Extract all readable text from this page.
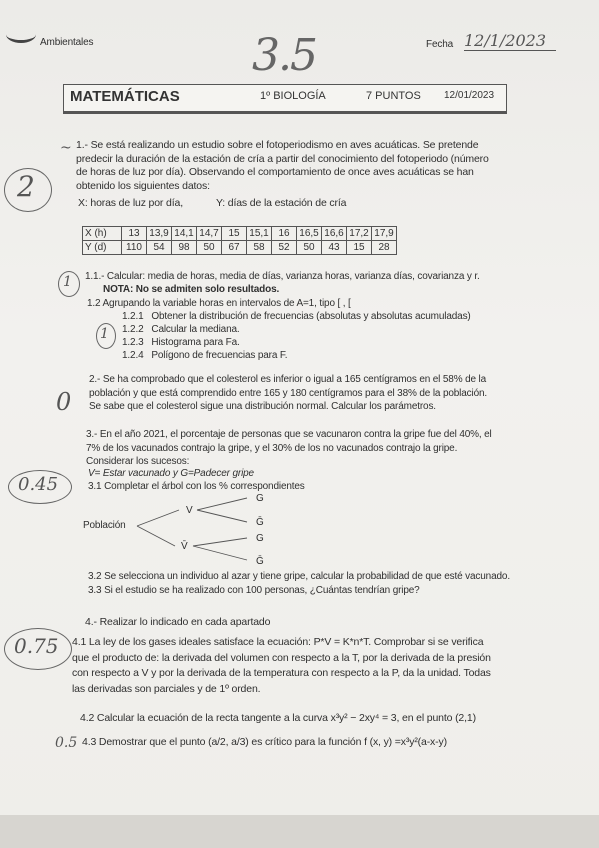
Ambientales	Fecha 12/1/2023
3.5
MATEMÁTICAS	1º BIOLOGÍA	7 PUNTOS 12/01/2023
2
~ 1.- Se está realizando un estudio sobre el fotoperiodismo en aves acuáticas. Se pretende predecir la duración de la estación de cría a partir del conocimiento del fotoperiodo (número de horas de luz por día). Observando el comportamiento de once aves acuáticas se han obtenido los siguientes datos:
X: horas de luz por día,            Y: días de la estación de cría
X (h)	13	13,9	14,1	14,7	15	15,1	16	16,5	16,6	17,2	17,9
Y (d)	110	54	98	50	67	58	52	50	43	15	28
1 1.1.- Calcular: media de horas, media de días, varianza horas, varianza días, covarianza y r.
NOTA: No se admiten solo resultados.
1.2 Agrupando la variable horas en intervalos de A=1, tipo [ , [
1.2.1   Obtener la distribución de frecuencias (absolutas y absolutas acumuladas)
1 1.2.2   Calcular la mediana.
1.2.3   Histograma para Fa.
1.2.4   Polígono de frecuencias para F.
0
2.- Se ha comprobado que el colesterol es inferior o igual a 165 centígramos en el 58% de la población y que está comprendido entre 165 y 180 centígramos para el 38% de la población. Se sabe que el colesterol sigue una distribución normal. Calcular los parámetros.
0.45
3.- En el año 2021, el porcentaje de personas que se vacunaron contra la gripe fue del 40%, el 7% de los vacunados contrajo la gripe, y el 30% de los no vacunados contrajo la gripe. Considerar los sucesos:
V= Estar vacunado y G=Padecer gripe
3.1 Completar el árbol con los % correspondientes
Población
V
V̄
G
Ḡ
G
Ḡ
3.2 Se selecciona un individuo al azar y tiene gripe, calcular la probabilidad de que esté vacunado.
3.3 Si el estudio se ha realizado con 100 personas, ¿Cuántas tendrían gripe?
0.75
4.- Realizar lo indicado en cada apartado
4.1 La ley de los gases ideales satisface la ecuación: P*V = K*n*T. Comprobar si se verifica que el producto de: la derivada del volumen con respecto a la T, por la derivada de la presión con respecto a V y por la derivada de la temperatura con respecto a la P, da la unidad. Todas las derivadas son parciales y de 1º orden.
4.2 Calcular la ecuación de la recta tangente a la curva x³y² − 2xy⁴ = 3, en el punto (2,1)
0.5 4.3 Demostrar que el punto (a/2, a/3) es crítico para la función f (x, y) =x³y²(a-x-y)
